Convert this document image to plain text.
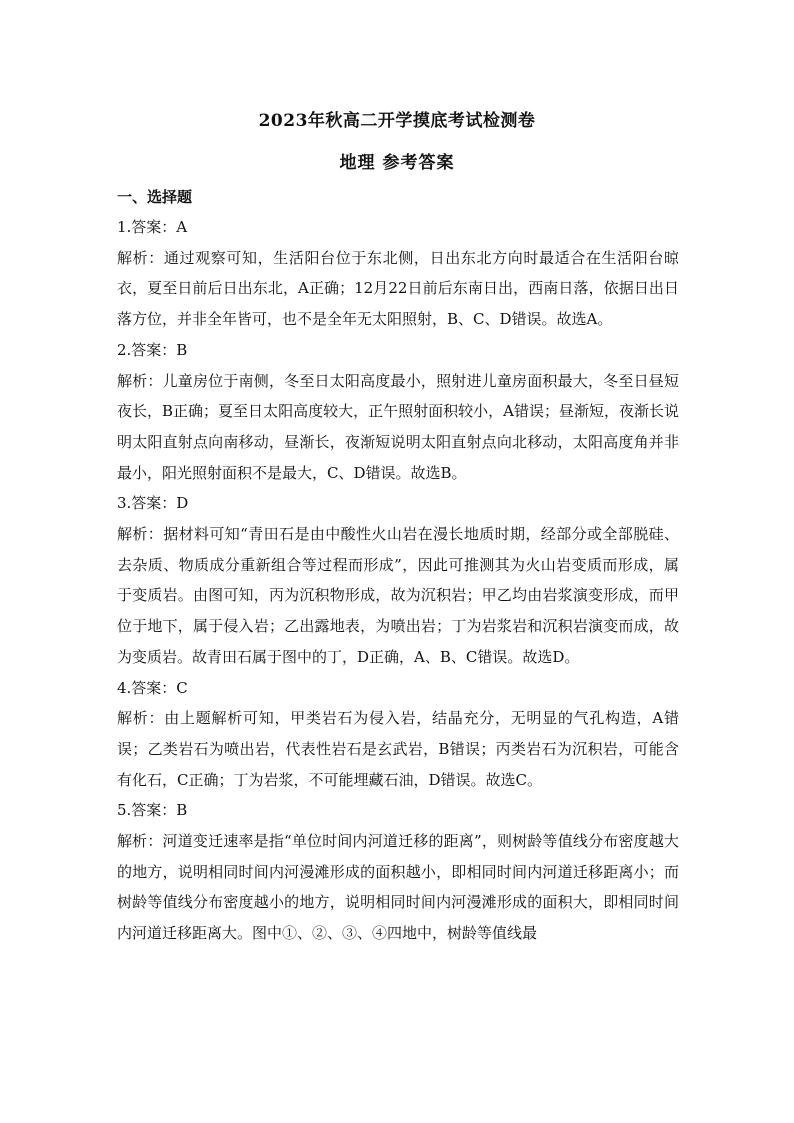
2023年秋高二开学摸底考试检测卷
地理 参考答案
一、选择题

1.答案：A

解析：通过观察可知，生活阳台位于东北侧，日出东北方向时最适合在生活阳台晾衣，夏至日前后日出东北，A正确；12月22日前后东南日出，西南日落，依据日出日落方位，并非全年皆可，也不是全年无太阳照射，B、C、D错误。故选A。

2.答案：B

解析：儿童房位于南侧，冬至日太阳高度最小，照射进儿童房面积最大，冬至日昼短夜长，B正确；夏至日太阳高度较大，正午照射面积较小，A错误；昼渐短，夜渐长说明太阳直射点向南移动，昼渐长，夜渐短说明太阳直射点向北移动，太阳高度角并非最小，阳光照射面积不是最大，C、D错误。故选B。

3.答案：D

解析：据材料可知“青田石是由中酸性火山岩在漫长地质时期，经部分或全部脱硅、去杂质、物质成分重新组合等过程而形成”，因此可推测其为火山岩变质而形成，属于变质岩。由图可知，丙为沉积物形成，故为沉积岩；甲乙均由岩浆演变形成，而甲位于地下，属于侵入岩；乙出露地表，为喷出岩；丁为岩浆岩和沉积岩演变而成，故为变质岩。故青田石属于图中的丁，D正确，A、B、C错误。故选D。

4.答案：C

解析：由上题解析可知，甲类岩石为侵入岩，结晶充分，无明显的气孔构造，A错误；乙类岩石为喷出岩，代表性岩石是玄武岩，B错误；丙类岩石为沉积岩，可能含有化石，C正确；丁为岩浆，不可能埋藏石油，D错误。故选C。

5.答案：B

解析：河道变迁速率是指“单位时间内河道迁移的距离”，则树龄等值线分布密度越大的地方，说明相同时间内河漫滩形成的面积越小，即相同时间内河道迁移距离小；而树龄等值线分布密度越小的地方，说明相同时间内河漫滩形成的面积大，即相同时间内河道迁移距离大。图中①、②、③、④四地中，树龄等值线最
